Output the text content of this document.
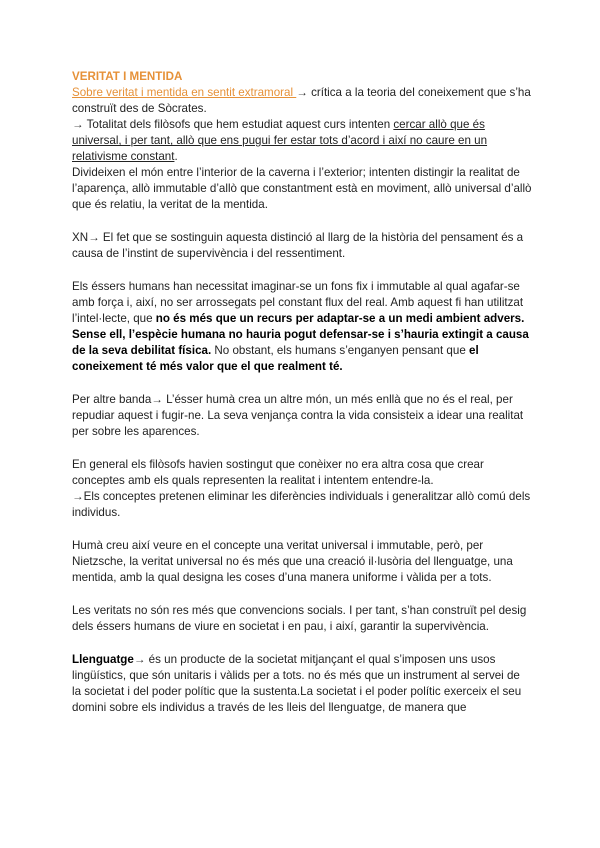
VERITAT I MENTIDA

Sobre veritat i mentida en sentit extramoral → crítica a la teoria del coneixement que s’ha construït des de Sòcrates.

→ Totalitat dels filòsofs que hem estudiat aquest curs intenten cercar allò que és universal, i per tant, allò que ens pugui fer estar tots d’acord i així no caure en un relativisme constant.

Divideixen el món entre l’interior de la caverna i l’exterior; intenten distingir la realitat de l’aparença, allò immutable d’allò que constantment està en moviment, allò universal d’allò que és relatiu, la veritat de la mentida.

XN→ El fet que se sostinguin aquesta distinció al llarg de la història del pensament és a causa de l’instint de supervivència i del ressentiment.

Els éssers humans han necessitat imaginar-se un fons fix i immutable al qual agafar-se amb força i, així, no ser arrossegats pel constant flux del real. Amb aquest fi han utilitzat l’intel·lecte, que no és més que un recurs per adaptar-se a un medi ambient advers. Sense ell, l’espècie humana no hauria pogut defensar-se i s’hauria extingit a causa de la seva debilitat física. No obstant, els humans s’enganyen pensant que el coneixement té més valor que el que realment té.

Per altre banda→ L’ésser humà crea un altre món, un més enllà que no és el real, per repudiar aquest i fugir-ne. La seva venjança contra la vida consisteix a idear una realitat per sobre les aparences.

En general els filòsofs havien sostingut que conèixer no era altra cosa que crear conceptes amb els quals representen la realitat i intentem entendre-la.

→Els conceptes pretenen eliminar les diferències individuals i generalitzar allò comú dels individus.

Humà creu així veure en el concepte una veritat universal i immutable, però, per Nietzsche, la veritat universal no és més que una creació il·lusòria del llenguatge, una mentida, amb la qual designa les coses d’una manera uniforme i vàlida per a tots.

Les veritats no són res més que convencions socials. I per tant, s’han construït pel desig dels éssers humans de viure en societat i en pau, i així, garantir la supervivència.

Llenguatge→ és un producte de la societat mitjançant el qual s’imposen uns usos lingüístics, que són unitaris i vàlids per a tots. no és més que un instrument al servei de la societat i del poder polític que la sustenta.La societat i el poder polític exerceix el seu domini sobre els individus a través de les lleis del llenguatge, de manera que
